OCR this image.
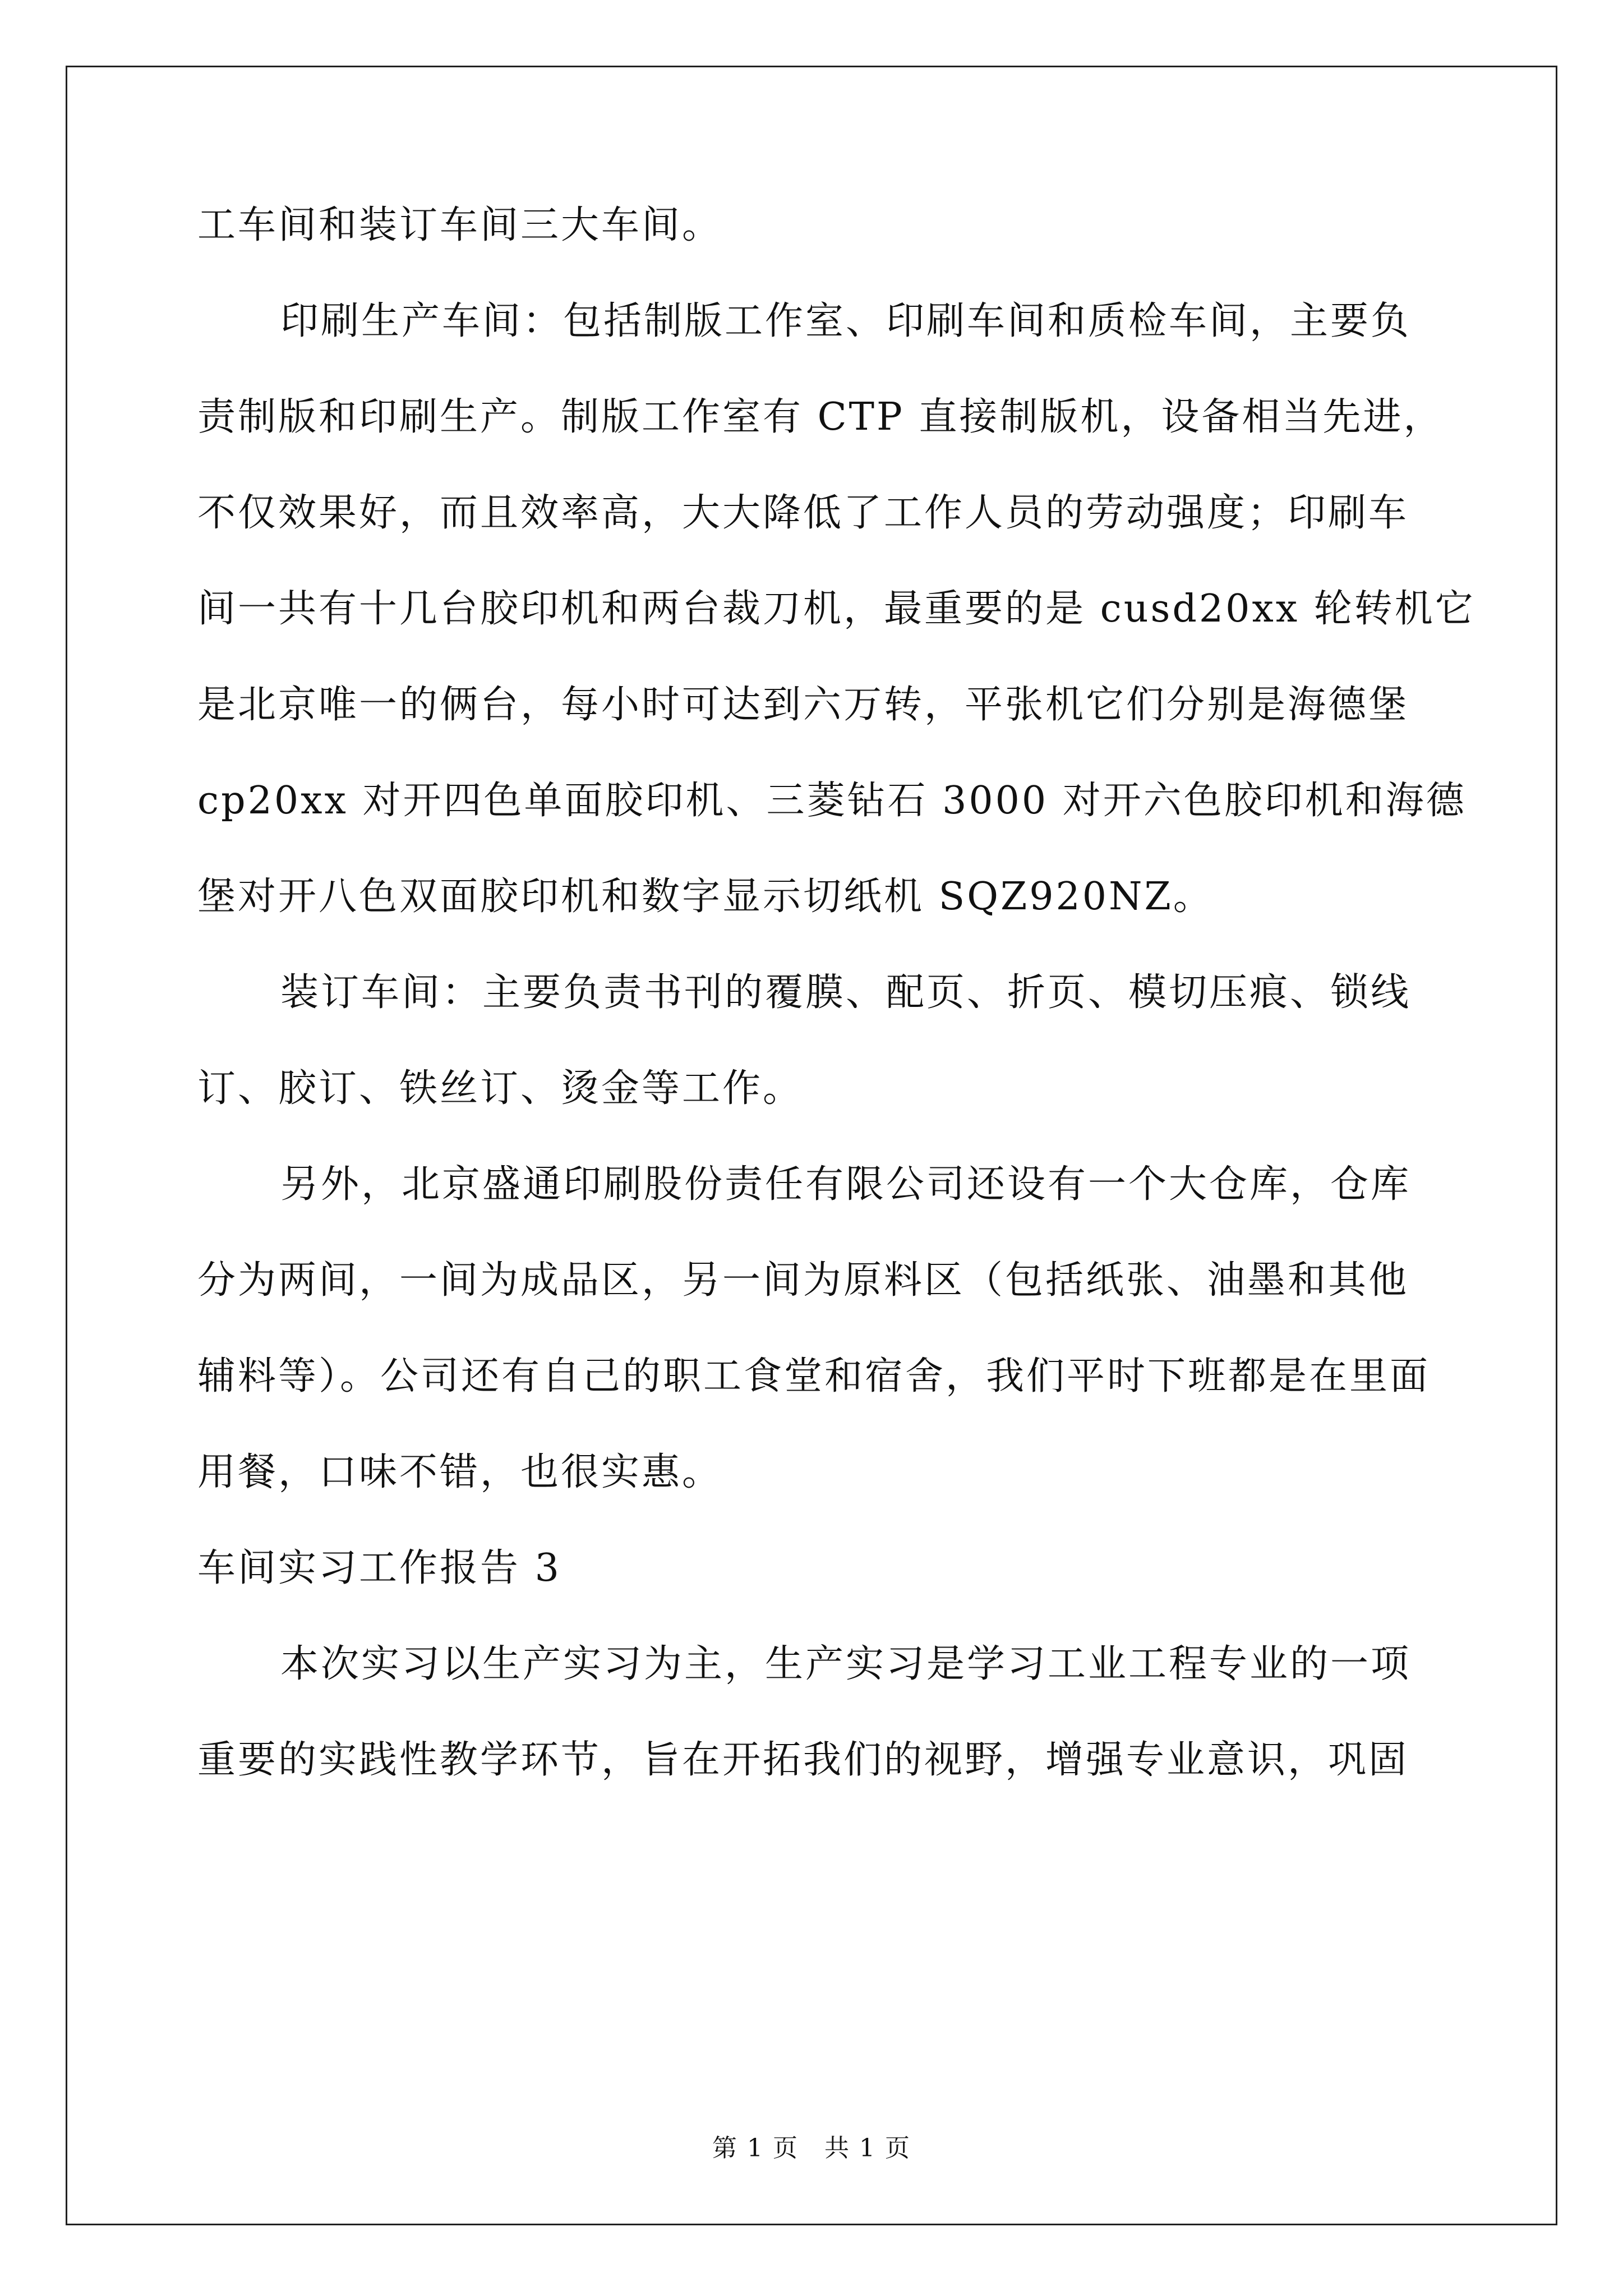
工车间和装订车间三大车间。
印刷生产车间：包括制版工作室、印刷车间和质检车间，主要负
责制版和印刷生产。制版工作室有 CTP 直接制版机，设备相当先进，
不仅效果好，而且效率高，大大降低了工作人员的劳动强度；印刷车
间一共有十几台胶印机和两台裁刀机，最重要的是 cusd20xx 轮转机它
是北京唯一的俩台，每小时可达到六万转，平张机它们分别是海德堡
cp20xx 对开四色单面胶印机、三菱钻石 3000 对开六色胶印机和海德
堡对开八色双面胶印机和数字显示切纸机 SQZ920NZ。
装订车间：主要负责书刊的覆膜、配页、折页、模切压痕、锁线
订、胶订、铁丝订、烫金等工作。
另外，北京盛通印刷股份责任有限公司还设有一个大仓库，仓库
分为两间，一间为成品区，另一间为原料区（包括纸张、油墨和其他
辅料等）。公司还有自己的职工食堂和宿舍，我们平时下班都是在里面
用餐，口味不错，也很实惠。
车间实习工作报告 3
本次实习以生产实习为主，生产实习是学习工业工程专业的一项
重要的实践性教学环节，旨在开拓我们的视野，增强专业意识，巩固
第 1 页　共 1 页
